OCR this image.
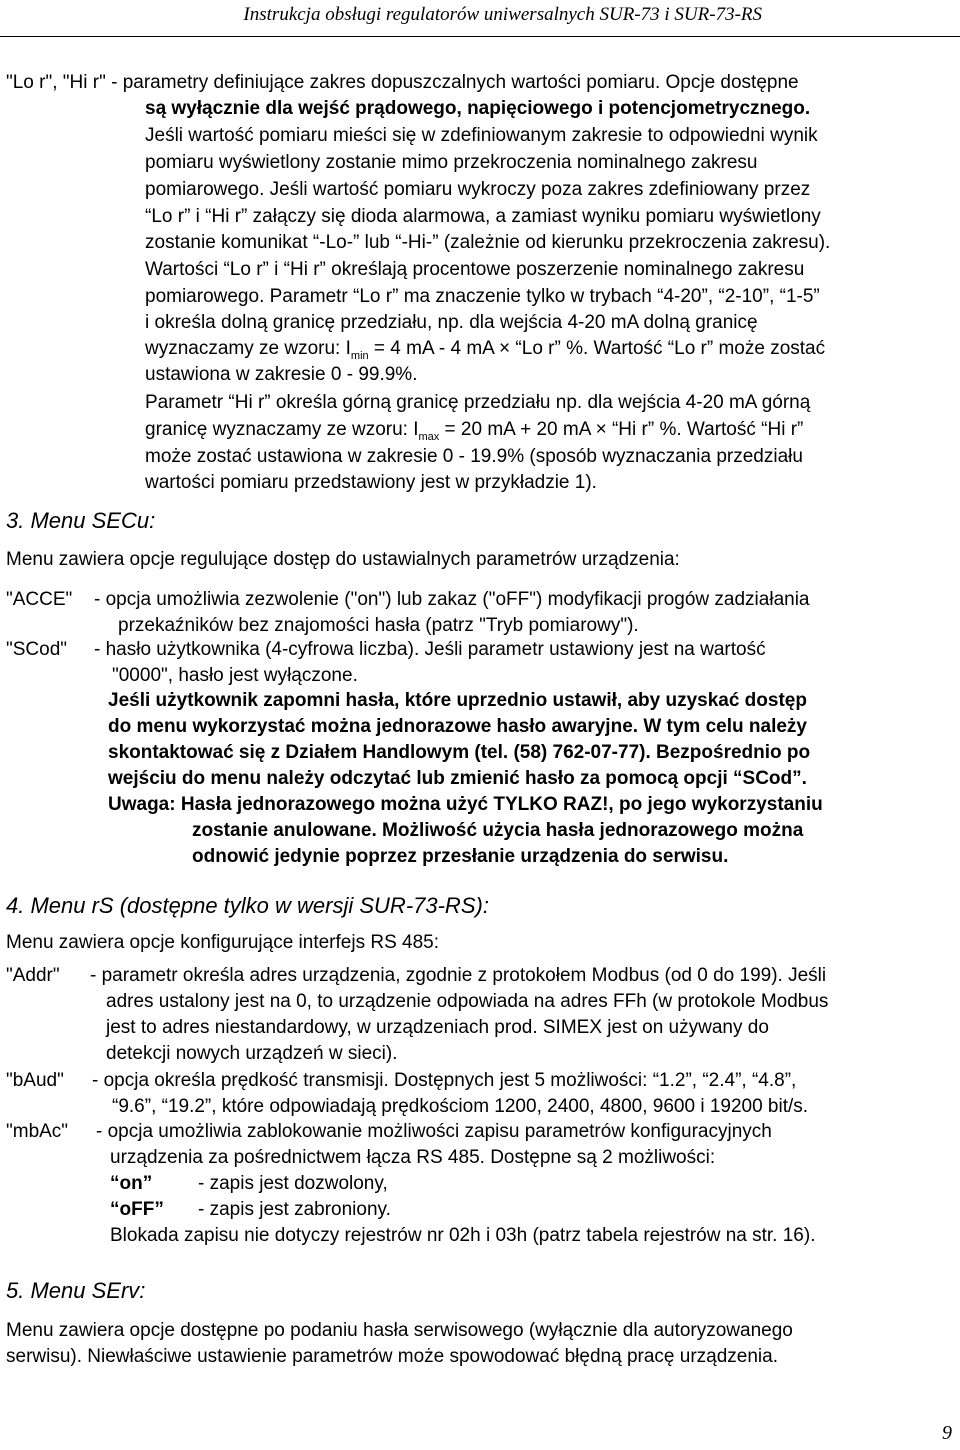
Instrukcja obsługi regulatorów uniwersalnych SUR-73 i SUR-73-RS
"Lo r", "Hi r" - parametry definiujące zakres dopuszczalnych wartości pomiaru. Opcje dostępne
są wyłącznie dla wejść prądowego, napięciowego i potencjometrycznego.
Jeśli wartość pomiaru mieści się w zdefiniowanym zakresie to odpowiedni wynik
pomiaru wyświetlony zostanie mimo przekroczenia nominalnego zakresu
pomiarowego. Jeśli wartość pomiaru wykroczy poza zakres zdefiniowany przez
“Lo r” i “Hi r” załączy się dioda alarmowa, a zamiast wyniku pomiaru wyświetlony
zostanie komunikat “-Lo-” lub “-Hi-” (zależnie od kierunku przekroczenia zakresu).
Wartości “Lo r” i “Hi r” określają procentowe poszerzenie nominalnego zakresu
pomiarowego. Parametr “Lo r” ma znaczenie tylko w trybach “4-20”, “2-10”, “1-5”
i określa dolną granicę przedziału, np. dla wejścia 4-20 mA dolną granicę
wyznaczamy ze wzoru: $I_{min} = 4$ mA - 4 mA × “Lo r” %. Wartość “Lo r” może zostać
ustawiona w zakresie 0 - 99.9%.
Parametr “Hi r” określa górną granicę przedziału np. dla wejścia 4-20 mA górną
granicę wyznaczamy ze wzoru: $I_{max} = 20$ mA + 20 mA × “Hi r” %. Wartość “Hi r”
może zostać ustawiona w zakresie 0 - 19.9% (sposób wyznaczania przedziału
wartości pomiaru przedstawiony jest w przykładzie 1).
3. Menu SECu:
Menu zawiera opcje regulujące dostęp do ustawialnych parametrów urządzenia:
"ACCE" - opcja umożliwia zezwolenie ("on") lub zakaz ("oFF") modyfikacji progów zadziałania
przekaźników bez znajomości hasła (patrz "Tryb pomiarowy").
"SCod" - hasło użytkownika (4-cyfrowa liczba). Jeśli parametr ustawiony jest na wartość
"0000", hasło jest wyłączone.
Jeśli użytkownik zapomni hasła, które uprzednio ustawił, aby uzyskać dostęp
do menu wykorzystać można jednorazowe hasło awaryjne. W tym celu należy
skontaktować się z Działem Handlowym (tel. (58) 762-07-77). Bezpośrednio po
wejściu do menu należy odczytać lub zmienić hasło za pomocą opcji “SCod”.
Uwaga: Hasła jednorazowego można użyć TYLKO RAZ!, po jego wykorzystaniu
zostanie anulowane. Możliwość użycia hasła jednorazowego można
odnowić jedynie poprzez przesłanie urządzenia do serwisu.
4. Menu rS (dostępne tylko w wersji SUR-73-RS):
Menu zawiera opcje konfigurujące interfejs RS 485:
"Addr" - parametr określa adres urządzenia, zgodnie z protokołem Modbus (od 0 do 199). Jeśli
adres ustalony jest na 0, to urządzenie odpowiada na adres FFh (w protokole Modbus
jest to adres niestandardowy, w urządzeniach prod. SIMEX jest on używany do
detekcji nowych urządzeń w sieci).
"bAud" - opcja określa prędkość transmisji. Dostępnych jest 5 możliwości: “1.2”, “2.4”, “4.8”,
“9.6”, “19.2”, które odpowiadają prędkościom 1200, 2400, 4800, 9600 i 19200 bit/s.
"mbAc" - opcja umożliwia zablokowanie możliwości zapisu parametrów konfiguracyjnych
urządzenia za pośrednictwem łącza RS 485. Dostępne są 2 możliwości:
“on” - zapis jest dozwolony,
“oFF” - zapis jest zabroniony.
Blokada zapisu nie dotyczy rejestrów nr 02h i 03h (patrz tabela rejestrów na str. 16).
5. Menu SErv:
Menu zawiera opcje dostępne po podaniu hasła serwisowego (wyłącznie dla autoryzowanego
serwisu). Niewłaściwe ustawienie parametrów może spowodować błędną pracę urządzenia.
9
